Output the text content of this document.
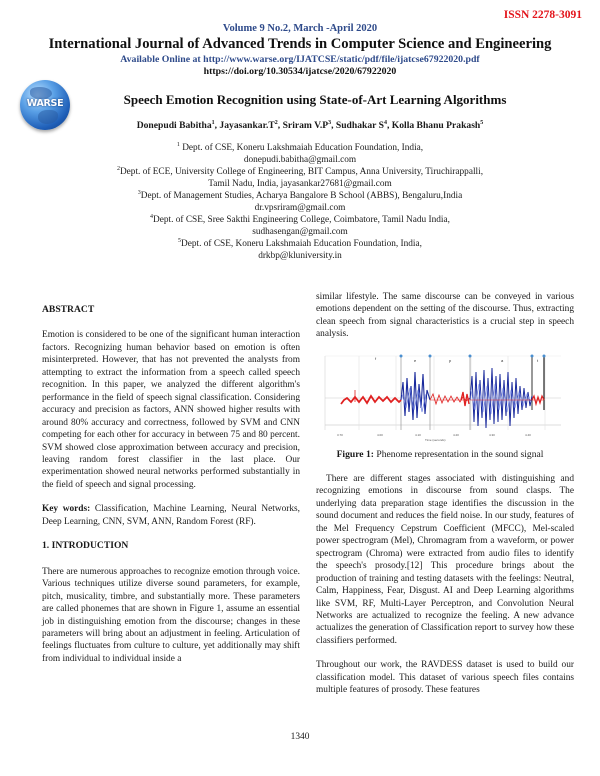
ISSN 2278-3091
Volume 9 No.2, March -April 2020
International Journal of Advanced Trends in Computer Science and Engineering
Available Online at http://www.warse.org/IJATCSE/static/pdf/file/ijatcse67922020.pdf
https://doi.org/10.30534/ijatcse/2020/67922020
WARSE	Speech Emotion Recognition using State-of-Art Learning Algorithms
Donepudi Babitha$^1$, $Jayasankar.T^2$, Sriram $V.P^3$, Sudhakar $S^4$, Kolla Bhanu Prakash$^5$
$^1$ Dept. of CSE, Koneru Lakshmaiah Education Foundation, India,
donepudi.babitha@gmail.com
$^2$Dept. of ECE, University College of Engineering, BIT Campus, Anna University, Tiruchirappalli,
Tamil Nadu, India, jayasankar27681@gmail.com
$^3$Dept. of Management Studies, Acharya Bangalore B School (ABBS), Bengaluru,India
dr.vpsriram@gmail.com
$^4$Dept. of CSE, Sree Sakthi Engineering College, Coimbatore, Tamil Nadu India,
sudhasengan@gmail.com
$^5$Dept. of CSE, Koneru Lakshmaiah Education Foundation, India,
drkbp@kluniversity.in

ABSTRACT

Emotion is considered to be one of the significant human interaction factors. Recognizing human behavior based on emotion is often misinterpreted. However, that has not prevented the analysts from attempting to extract the information from a speech called speech recognition. In this paper, we analyzed the different algorithm's performance in the field of speech signal classification. Considering accuracy and precision as factors, ANN showed higher results with around 80% accuracy and correctness, followed by SVM and CNN competing for each other for accuracy in between 75 and 80 percent. SVM showed close approximation between accuracy and precision, leaving random forest classifier in the last place. Our experimentation showed neural networks performed substantially in the field of speech and signal processing.

Key words: Classification, Machine Learning, Neural Networks, Deep Learning, CNN, SVM, ANN, Random Forest (RF).

1. INTRODUCTION

There are numerous approaches to recognize emotion through voice. Various techniques utilize diverse sound parameters, for example, pitch, musicality, timbre, and substantially more. These parameters are called phonemes that are shown in Figure 1, assume an essential job in distinguishing emotion from the discourse; changes in these parameters will bring about an adjustment in feeling. Articulation of feelings fluctuates from culture to culture, yet additionally may shift from individual to individual inside a

similar lifestyle. The same discourse can be conveyed in various emotions dependent on the setting of the discourse. Thus, extracting clean speech from signal characteristics is a crucial step in speech analysis.

f	e	p	a	t
3.70	4.00	4.10	4.20	4.30	4.40
Time (seconds)
Figure 1: Phenome representation in the sound signal

There are different stages associated with distinguishing and recognizing emotions in discourse from sound clasps. The underlying data preparation stage identifies the discussion in the sound document and reduces the field noise. In our study, features of the Mel Frequency Cepstrum Coefficient (MFCC), Mel-scaled power spectrogram (Mel), Chromagram from a waveform, or power spectrogram (Chroma) were extracted from audio files to identify the speech's prosody.[12] This procedure brings about the production of training and testing datasets with the feelings: Neutral, Calm, Happiness, Fear, Disgust. AI and Deep Learning algorithms like SVM, RF, Multi-Layer Perceptron, and Convolution Neural Networks are actualized to recognize the feeling. A new advance actualizes the generation of Classification report to survey how these classifiers performed.

Throughout our work, the RAVDESS dataset is used to build our classification model. This dataset of various speech files contains multiple features of prosody. These features

1340
